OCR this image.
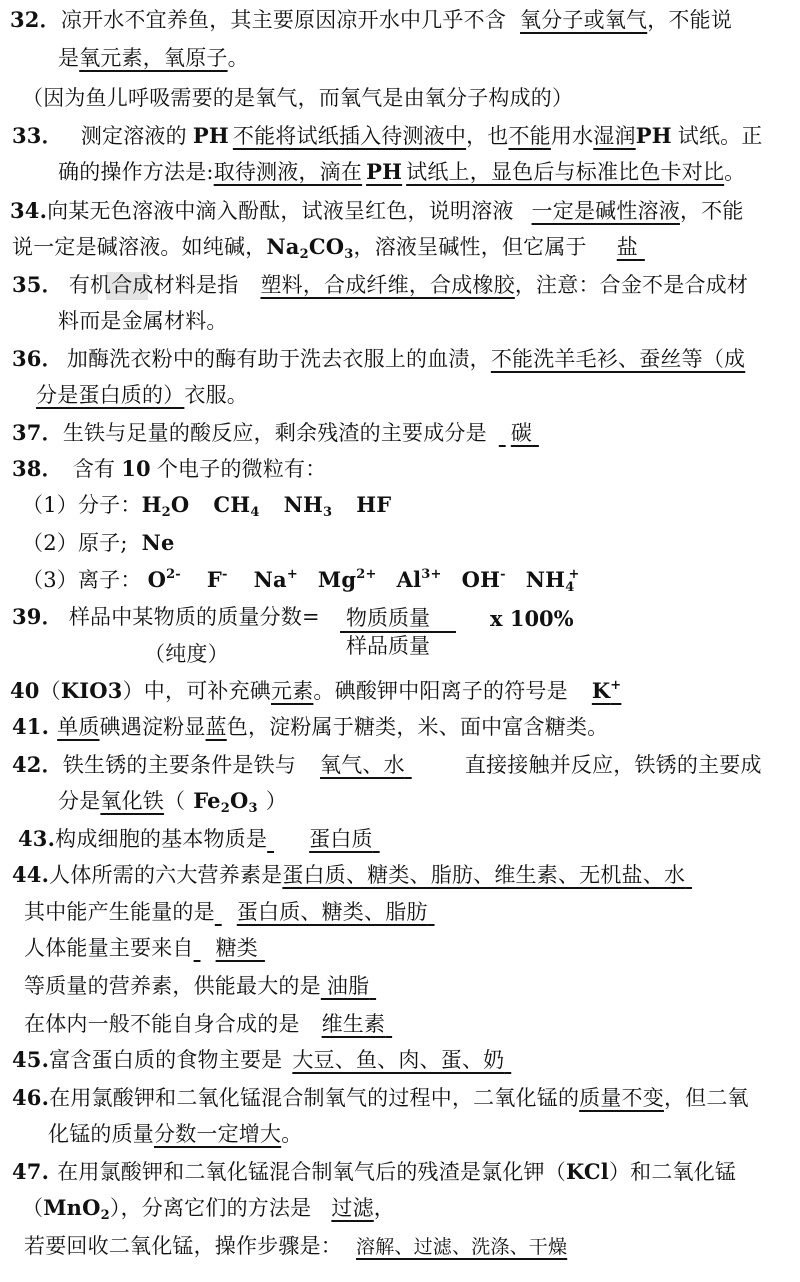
32．凉开水不宜养鱼，其主要原因凉开水中几乎不含 氧分子或氧气，不能说
是氧元素，氧原子。
（因为鱼儿呼吸需要的是氧气，而氧气是由氧分子构成的）
33． 测定溶液的 PH 不能将试纸插入待测液中，也不能用水湿润PH 试纸。正
确的操作方法是:取待测液，滴在 PH 试纸上，显色后与标准比色卡对比。
34.向某无色溶液中滴入酚酞，试液呈红色，说明溶液 一定是碱性溶液，不能
说一定是碱溶液。如纯碱，$Na_2CO_3$，溶液呈碱性，但它属于 盐
35． 有机合成材料是指 塑料，合成纤维，合成橡胶，注意：合金不是合成材
料而是金属材料。
36． 加酶洗衣粉中的酶有助于洗去衣服上的血渍，不能洗羊毛衫、蚕丝等（成
分是蛋白质的）衣服。
37．生铁与足量的酸反应，剩余残渣的主要成分是 碳
38． 含有 10 个电子的微粒有：
（1）分子：$H_2O$ $CH_4$ $NH_3$ HF
（2）原子; Ne
（3）离子： $O^{2-}$ F- Na+ $Mg^{2+}$ $Al^{3+}$ OH- $NH_4^+$
39． 样品中某物质的质量分数= 物质质量
样品质量
x 100%
（纯度）
40（KIO3）中，可补充碘元素。碘酸钾中阳离子的符号是 K+
41. 单质碘遇淀粉显蓝色，淀粉属于糖类，米、面中富含糖类。
42．铁生锈的主要条件是铁与 氧气、水	直接接触并反应，铁锈的主要成
分是氧化铁（ $Fe_2O_3$ ）
43.构成细胞的基本物质是 蛋白质
44.人体所需的六大营养素是蛋白质、糖类、脂肪、维生素、无机盐、水
其中能产生能量的是 蛋白质、糖类、脂肪
人体能量主要来自 糖类
等质量的营养素，供能最大的是 油脂
在体内一般不能自身合成的是 维生素
45.富含蛋白质的食物主要是 大豆、鱼、肉、蛋、奶
46.在用氯酸钾和二氧化锰混合制氧气的过程中，二氧化锰的质量不变，但二氧
化锰的质量分数一定增大。
47. 在用氯酸钾和二氧化锰混合制氧气后的残渣是氯化钾（KCl）和二氧化锰
（MnO$_2$），分离它们的方法是 过滤，
若要回收二氧化锰，操作步骤是： 溶解、过滤、洗涤、干燥
